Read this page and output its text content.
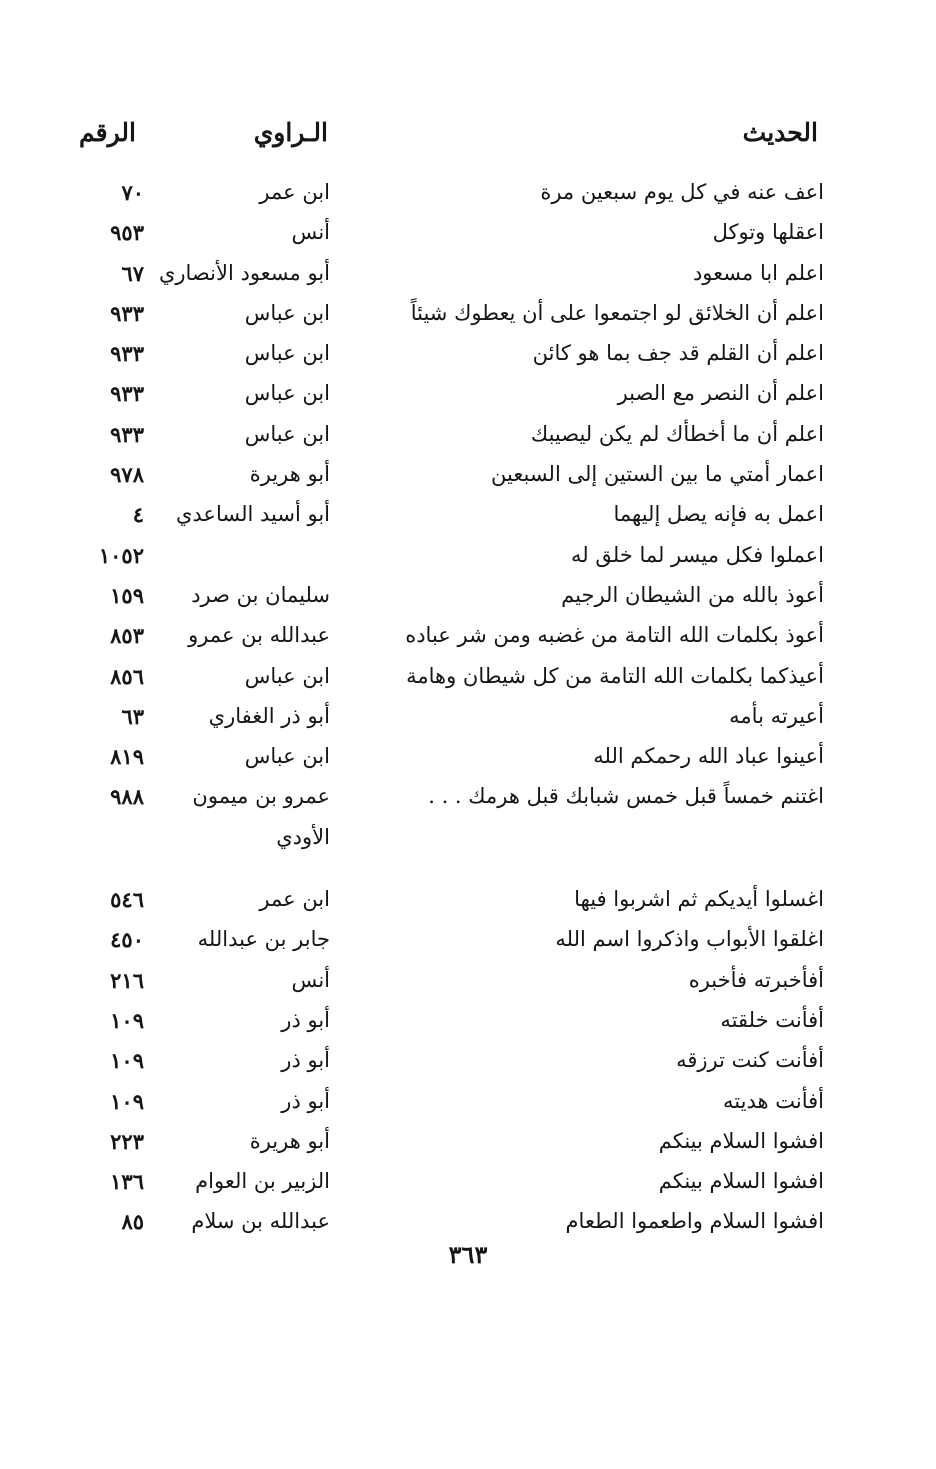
الحديث
الـراوي
الرقم
اعف عنه في كل يوم سبعين مرة
ابن عمر
٧٠
اعقلها وتوكل
أنس
٩٥٣
اعلم ابا مسعود
أبو مسعود الأنصاري
٦٧
اعلم أن الخلائق لو اجتمعوا على أن يعطوك شيئاً
ابن عباس
٩٣٣
اعلم أن القلم قد جف بما هو كائن
ابن عباس
٩٣٣
اعلم أن النصر مع الصبر
ابن عباس
٩٣٣
اعلم أن ما أخطأك لم يكن ليصيبك
ابن عباس
٩٣٣
اعمار أمتي ما بين الستين إلى السبعين
أبو هريرة
٩٧٨
اعمل به فإنه يصل إليهما
أبو أسيد الساعدي
٤
اعملوا فكل ميسر لما خلق له
١٠٥٢
أعوذ بالله من الشيطان الرجيم
سليمان بن صرد
١٥٩
أعوذ بكلمات الله التامة من غضبه ومن شر عباده
عبدالله بن عمرو
٨٥٣
أعيذكما بكلمات الله التامة من كل شيطان وهامة
ابن عباس
٨٥٦
أعيرته بأمه
أبو ذر الغفاري
٦٣
أعينوا عباد الله رحمكم الله
ابن عباس
٨١٩
اغتنم خمساً قبل خمس شبابك قبل هرمك . . .
عمرو بن ميمون
٩٨٨
الأودي
اغسلوا أيديكم ثم اشربوا فيها
ابن عمر
٥٤٦
اغلقوا الأبواب واذكروا اسم الله
جابر بن عبدالله
٤٥٠
أفأخبرته فأخبره
أنس
٢١٦
أفأنت خلقته
أبو ذر
١٠٩
أفأنت كنت ترزقه
أبو ذر
١٠٩
أفأنت هديته
أبو ذر
١٠٩
افشوا السلام بينكم
أبو هريرة
٢٢٣
افشوا السلام بينكم
الزبير بن العوام
١٣٦
افشوا السلام واطعموا الطعام
عبدالله بن سلام
٨٥
٣٦٣
